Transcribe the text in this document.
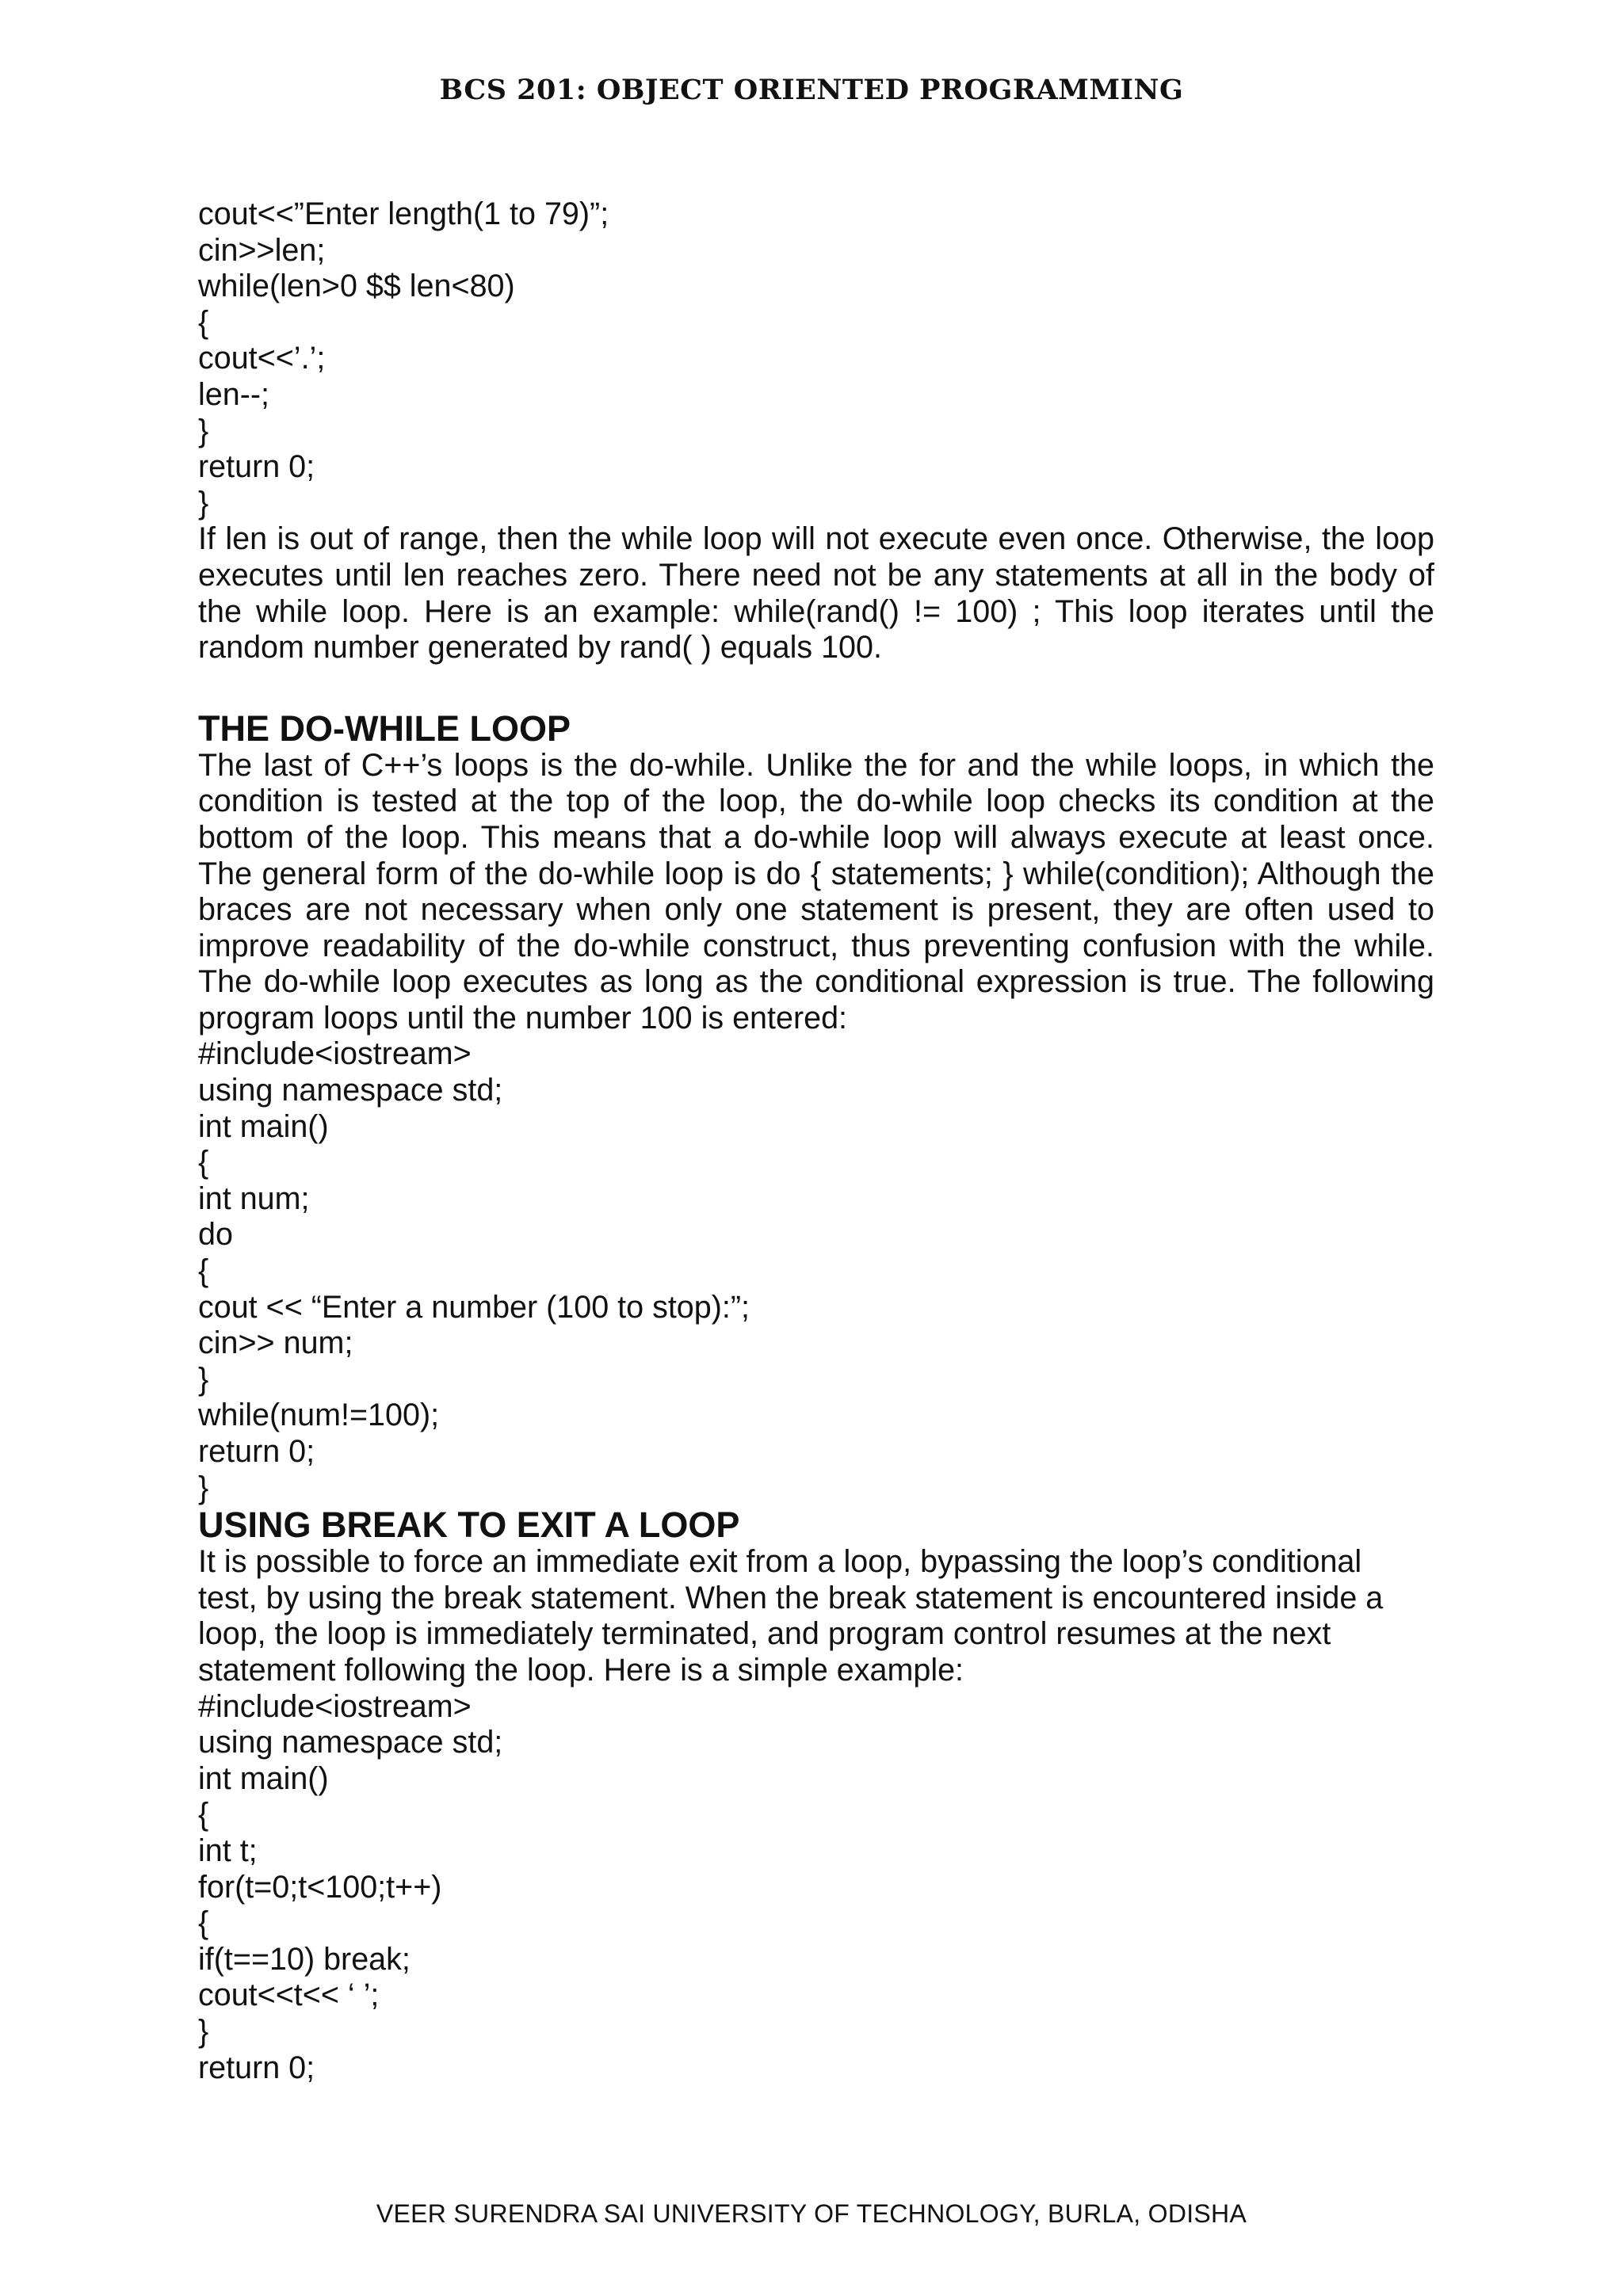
BCS 201: OBJECT ORIENTED PROGRAMMING
cout<<”Enter length(1 to 79)”;
cin>>len;
while(len>0 $$ len<80)
{
cout<<’.’;
len--;
}
return 0;
}

If len is out of range, then the while loop will not execute even once. Otherwise, the loop executes until len reaches zero. There need not be any statements at all in the body of the while loop. Here is an example: while(rand() != 100) ; This loop iterates until the random number generated by rand( ) equals 100.

THE DO-WHILE LOOP

The last of C++’s loops is the do-while. Unlike the for and the while loops, in which the condition is tested at the top of the loop, the do-while loop checks its condition at the bottom of the loop. This means that a do-while loop will always execute at least once. The general form of the do-while loop is do { statements; } while(condition); Although the braces are not necessary when only one statement is present, they are often used to improve readability of the do-while construct, thus preventing confusion with the while. The do-while loop executes as long as the conditional expression is true. The following program loops until the number 100 is entered:

#include<iostream>
using namespace std;
int main()
{
int num;
do
{
cout << “Enter a number (100 to stop):”;
cin>> num;
}
while(num!=100);
return 0;
}
USING BREAK TO EXIT A LOOP
It is possible to force an immediate exit from a loop, bypassing the loop’s conditional
test, by using the break statement. When the break statement is encountered inside a
loop, the loop is immediately terminated, and program control resumes at the next
statement following the loop. Here is a simple example:
#include<iostream>
using namespace std;
int main()
{
int t;
for(t=0;t<100;t++)
{
if(t==10) break;
cout<<t<< ‘ ’;
}
return 0;
VEER SURENDRA SAI UNIVERSITY OF TECHNOLOGY, BURLA, ODISHA
